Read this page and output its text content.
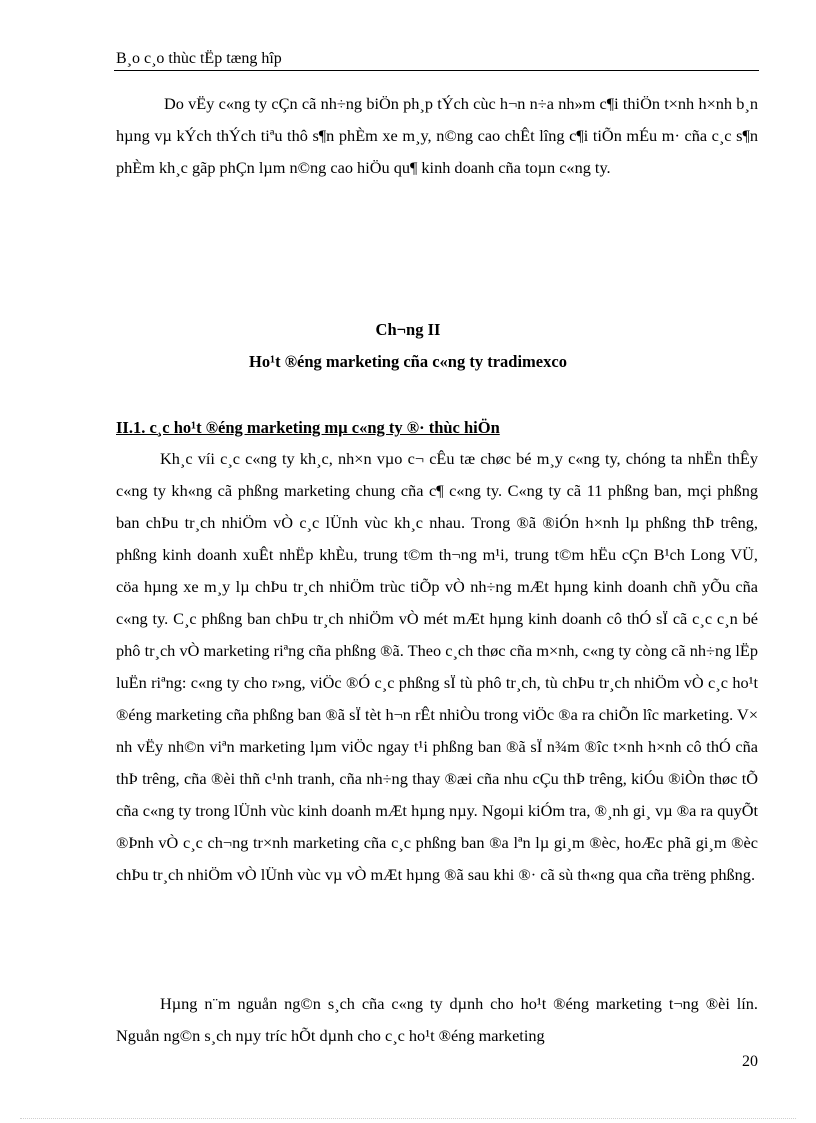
B¸o c¸o thùc tËp tæng hîp

Do vËy c«ng ty cÇn cã nh÷ng biÖn ph¸p tÝch cùc h¬n n÷a nh»m c¶i thiÖn t×nh h×nh b¸n hµng vµ kÝch thÝch tiªu thô s¶n phÈm xe m¸y, n©ng cao chÊt lîng c¶i tiÕn mÉu m· cña c¸c s¶n phÈm kh¸c gãp phÇn lµm n©ng cao hiÖu qu¶ kinh doanh cña toµn c«ng ty.

Ch¬ng II
Ho¹t ®éng marketing cña c«ng ty tradimexco
II.1. c¸c ho¹t ®éng marketing mµ c«ng ty ®· thùc hiÖn

Kh¸c víi c¸c c«ng ty kh¸c, nh×n vµo c¬ cÊu tæ chøc bé m¸y c«ng ty, chóng ta nhËn thÊy c«ng ty kh«ng cã phßng marketing chung cña c¶ c«ng ty. C«ng ty cã 11 phßng ban, mçi phßng ban chÞu tr¸ch nhiÖm vÒ c¸c lÜnh vùc kh¸c nhau. Trong ®ã ®iÓn h×nh lµ phßng thÞ trêng, phßng kinh doanh xuÊt nhËp khÈu, trung t©m th¬ng m¹i, trung t©m hËu cÇn B¹ch Long VÜ, cöa hµng xe m¸y lµ chÞu tr¸ch nhiÖm trùc tiÕp vÒ nh÷ng mÆt hµng kinh doanh chñ yÕu cña c«ng ty. C¸c phßng ban chÞu tr¸ch nhiÖm vÒ mét mÆt hµng kinh doanh cô thÓ sÏ cã c¸c c¸n bé phô tr¸ch vÒ marketing riªng cña phßng ®ã. Theo c¸ch thøc cña m×nh, c«ng ty còng cã nh÷ng lËp luËn riªng: c«ng ty cho r»ng, viÖc ®Ó c¸c phßng sÏ tù phô tr¸ch, tù chÞu tr¸ch nhiÖm vÒ c¸c ho¹t ®éng marketing cña phßng ban ®ã sÏ tèt h¬n rÊt nhiÒu trong viÖc ®a ra chiÕn lîc marketing. V× nh vËy nh©n viªn marketing lµm viÖc ngay t¹i phßng ban ®ã sÏ n¾m ®îc t×nh h×nh cô thÓ cña thÞ trêng, cña ®èi thñ c¹nh tranh, cña nh÷ng thay ®æi cña nhu cÇu thÞ trêng, kiÓu ®iÒn thøc tÕ cña c«ng ty trong lÜnh vùc kinh doanh mÆt hµng nµy. Ngoµi kiÓm tra, ®¸nh gi¸ vµ ®a ra quyÕt ®Þnh vÒ c¸c ch¬ng tr×nh marketing cña c¸c phßng ban ®a lªn lµ gi¸m ®èc, hoÆc phã gi¸m ®èc chÞu tr¸ch nhiÖm vÒ lÜnh vùc vµ vÒ mÆt hµng ®ã sau khi ®· cã sù th«ng qua cña trëng phßng.

Hµng n¨m nguån ng©n s¸ch cña c«ng ty dµnh cho ho¹t ®éng marketing t¬ng ®èi lín. Nguån ng©n s¸ch nµy tríc hÕt dµnh cho c¸c ho¹t ®éng marketing

20
